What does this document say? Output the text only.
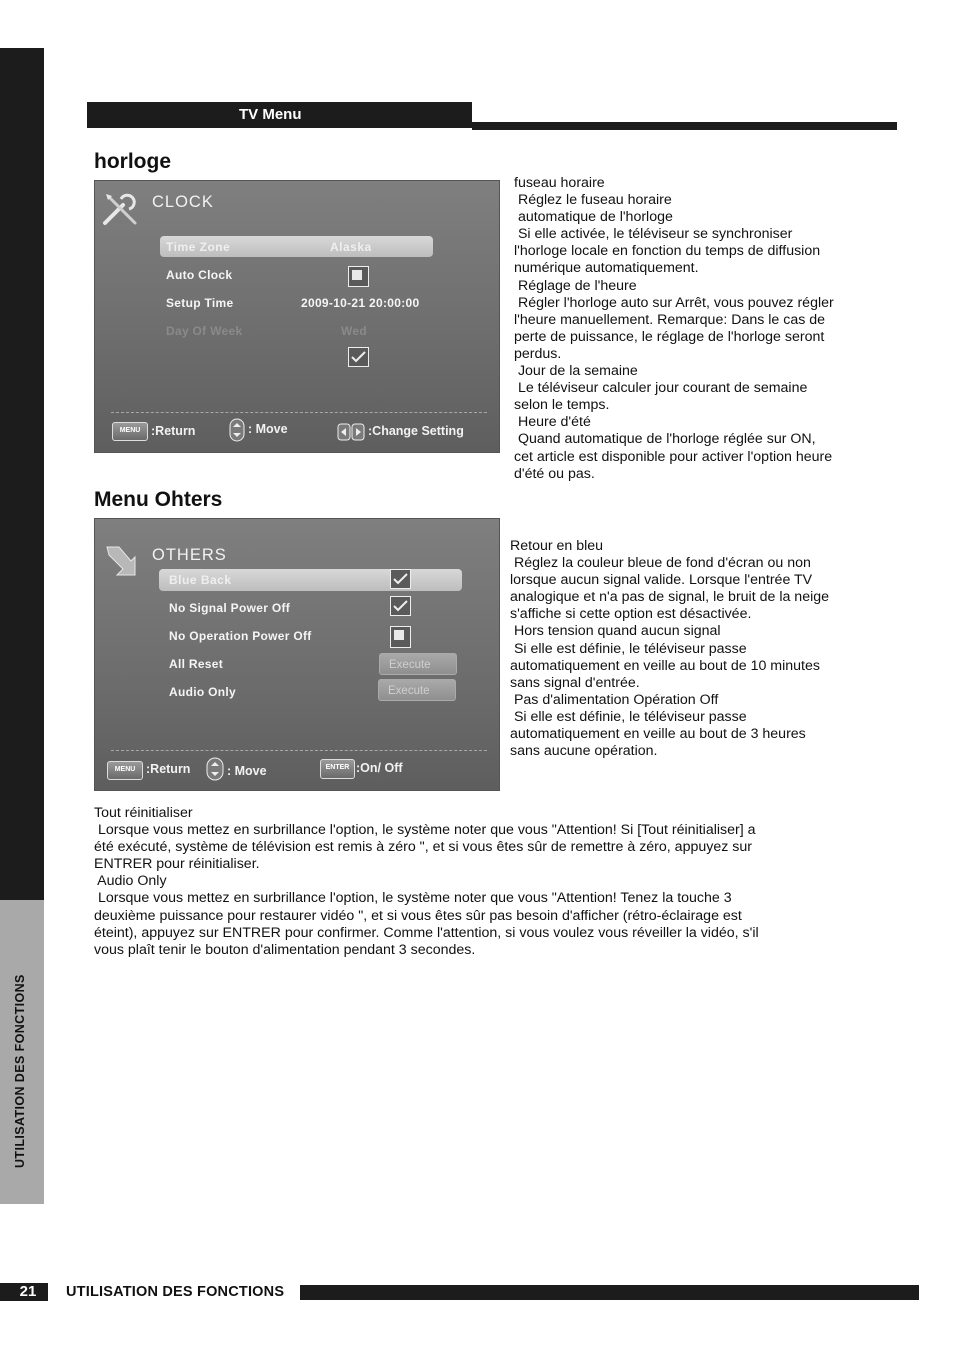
UTILISATION DES FONCTIONS
TV Menu
horloge
CLOCK
Time Zone	Alaska
Auto Clock
Setup Time	2009-10-21 20:00:00
Day Of Week	Wed
MENU :Return	: Move	:Change Setting
fuseau horaire
Réglez le fuseau horaire
automatique de l'horloge
Si elle activée, le téléviseur se synchroniser
l'horloge locale en fonction du temps de diffusion
numérique automatiquement.
Réglage de l'heure
Régler l'horloge auto sur Arrêt, vous pouvez régler
l'heure manuellement. Remarque: Dans le cas de
perte de puissance, le réglage de l'horloge seront
perdus.
Jour de la semaine
Le téléviseur calculer jour courant de semaine
selon le temps.
Heure d'été
Quand automatique de l'horloge réglée sur ON,
cet article est disponible pour activer l'option heure
d'été ou pas.
Menu Ohters
OTHERS
Blue Back
No Signal Power Off
No Operation Power Off
All Reset	Execute
Audio Only	Execute
MENU :Return	: Move	ENTER :On/ Off
Retour en bleu
Réglez la couleur bleue de fond d'écran ou non
lorsque aucun signal valide. Lorsque l'entrée TV
analogique et n'a pas de signal, le bruit de la neige
s'affiche si cette option est désactivée.
Hors tension quand aucun signal
Si elle est définie, le téléviseur passe
automatiquement en veille au bout de 10 minutes
sans signal d'entrée.
Pas d'alimentation Opération Off
Si elle est définie, le téléviseur passe
automatiquement en veille au bout de 3 heures
sans aucune opération.
Tout réinitialiser
Lorsque vous mettez en surbrillance l'option, le système noter que vous "Attention! Si [Tout réinitialiser] a
été exécuté, système de télévision est remis à zéro ", et si vous êtes sûr de remettre à zéro, appuyez sur
ENTRER pour réinitialiser.
Audio Only
Lorsque vous mettez en surbrillance l'option, le système noter que vous "Attention! Tenez la touche 3
deuxième puissance pour restaurer vidéo ", et si vous êtes sûr pas besoin d'afficher (rétro-éclairage est
éteint), appuyez sur ENTRER pour confirmer. Comme l'attention, si vous voulez vous réveiller la vidéo, s'il
vous plaît tenir le bouton d'alimentation pendant 3 secondes.
21	UTILISATION DES FONCTIONS
